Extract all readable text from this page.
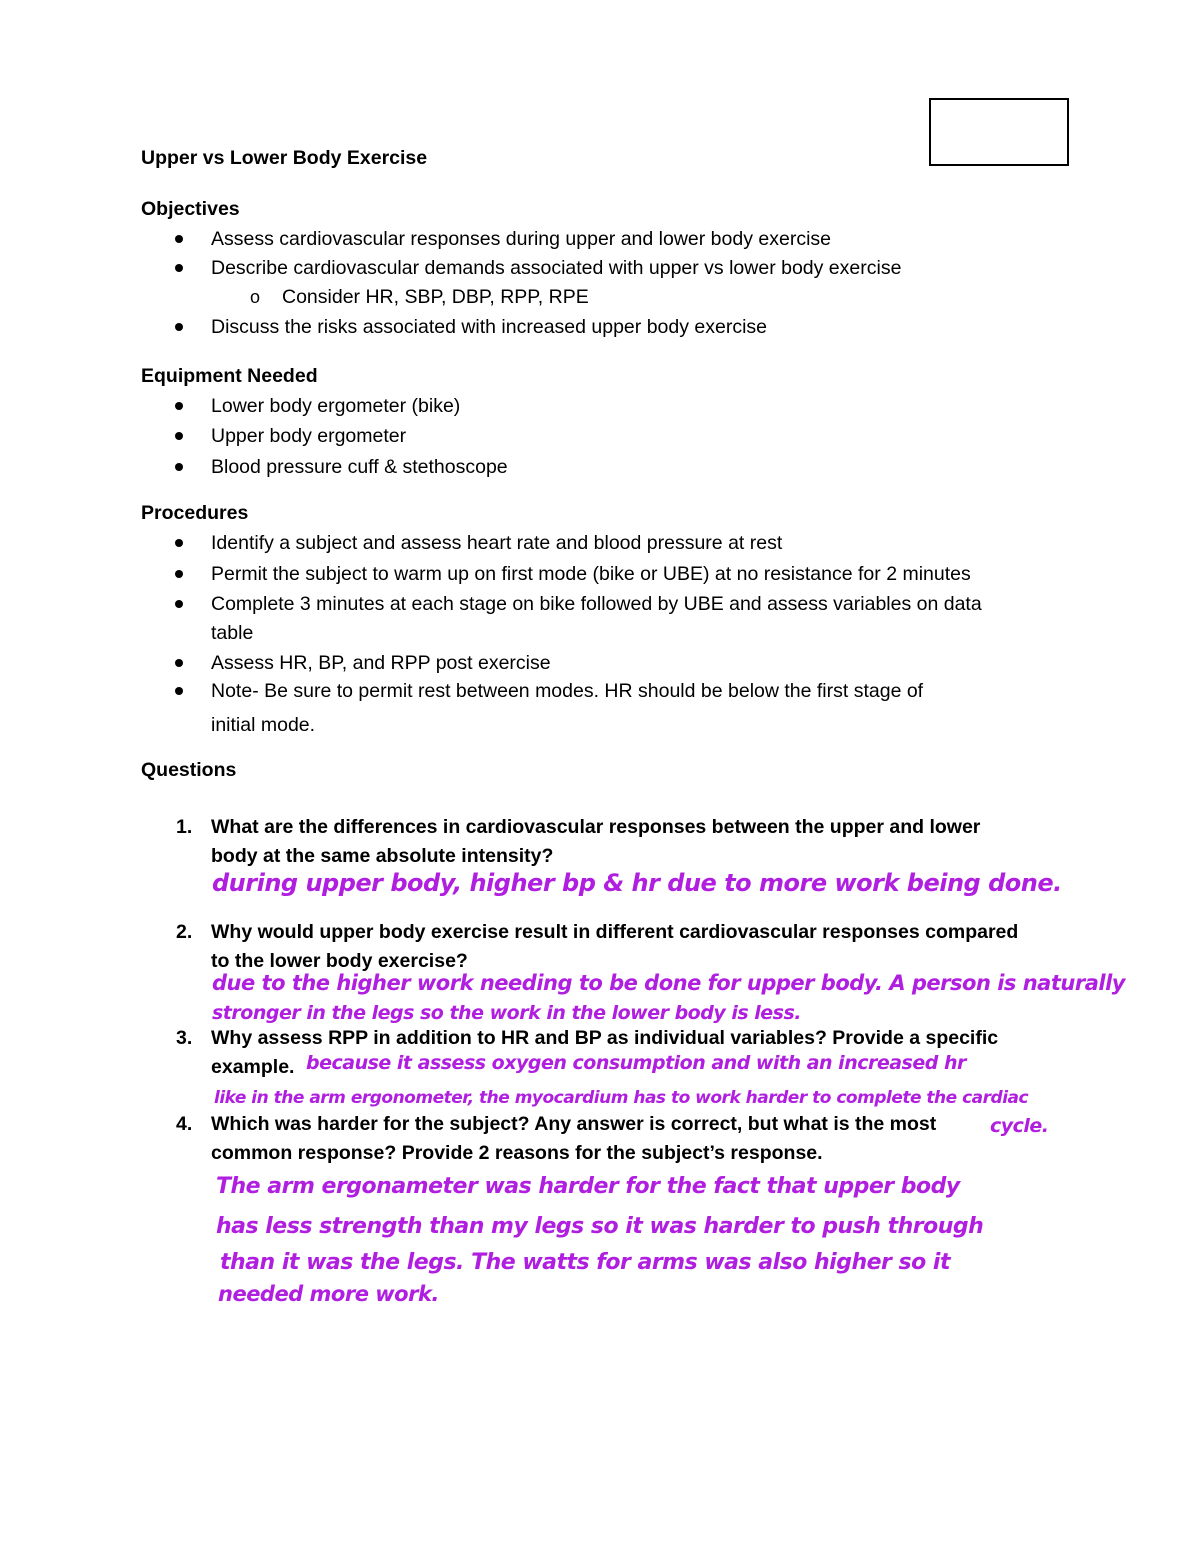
Upper vs Lower Body Exercise
Objectives
Assess cardiovascular responses during upper and lower body exercise
Describe cardiovascular demands associated with upper vs lower body exercise
o Consider HR, SBP, DBP, RPP, RPE
Discuss the risks associated with increased upper body exercise
Equipment Needed
Lower body ergometer (bike)
Upper body ergometer
Blood pressure cuff & stethoscope
Procedures
Identify a subject and assess heart rate and blood pressure at rest
Permit the subject to warm up on first mode (bike or UBE) at no resistance for 2 minutes
Complete 3 minutes at each stage on bike followed by UBE and assess variables on data
table
Assess HR, BP, and RPP post exercise
Note- Be sure to permit rest between modes. HR should be below the first stage of
initial mode.
Questions
1. What are the differences in cardiovascular responses between the upper and lower
body at the same absolute intensity?
during upper body, higher bp & hr due to more work being done.
2. Why would upper body exercise result in different cardiovascular responses compared
to the lower body exercise?
due to the higher work needing to be done for upper body. A person is naturally
stronger in the legs so the work in the lower body is less.
3. Why assess RPP in addition to HR and BP as individual variables? Provide a specific
example. because it assess oxygen consumption and with an increased hr
like in the arm ergonometer, the myocardium has to work harder to complete the cardiac
cycle.
4. Which was harder for the subject? Any answer is correct, but what is the most
common response? Provide 2 reasons for the subject’s response.
The arm ergonameter was harder for the fact that upper body
has less strength than my legs so it was harder to push through
than it was the legs. The watts for arms was also higher so it
needed more work.
